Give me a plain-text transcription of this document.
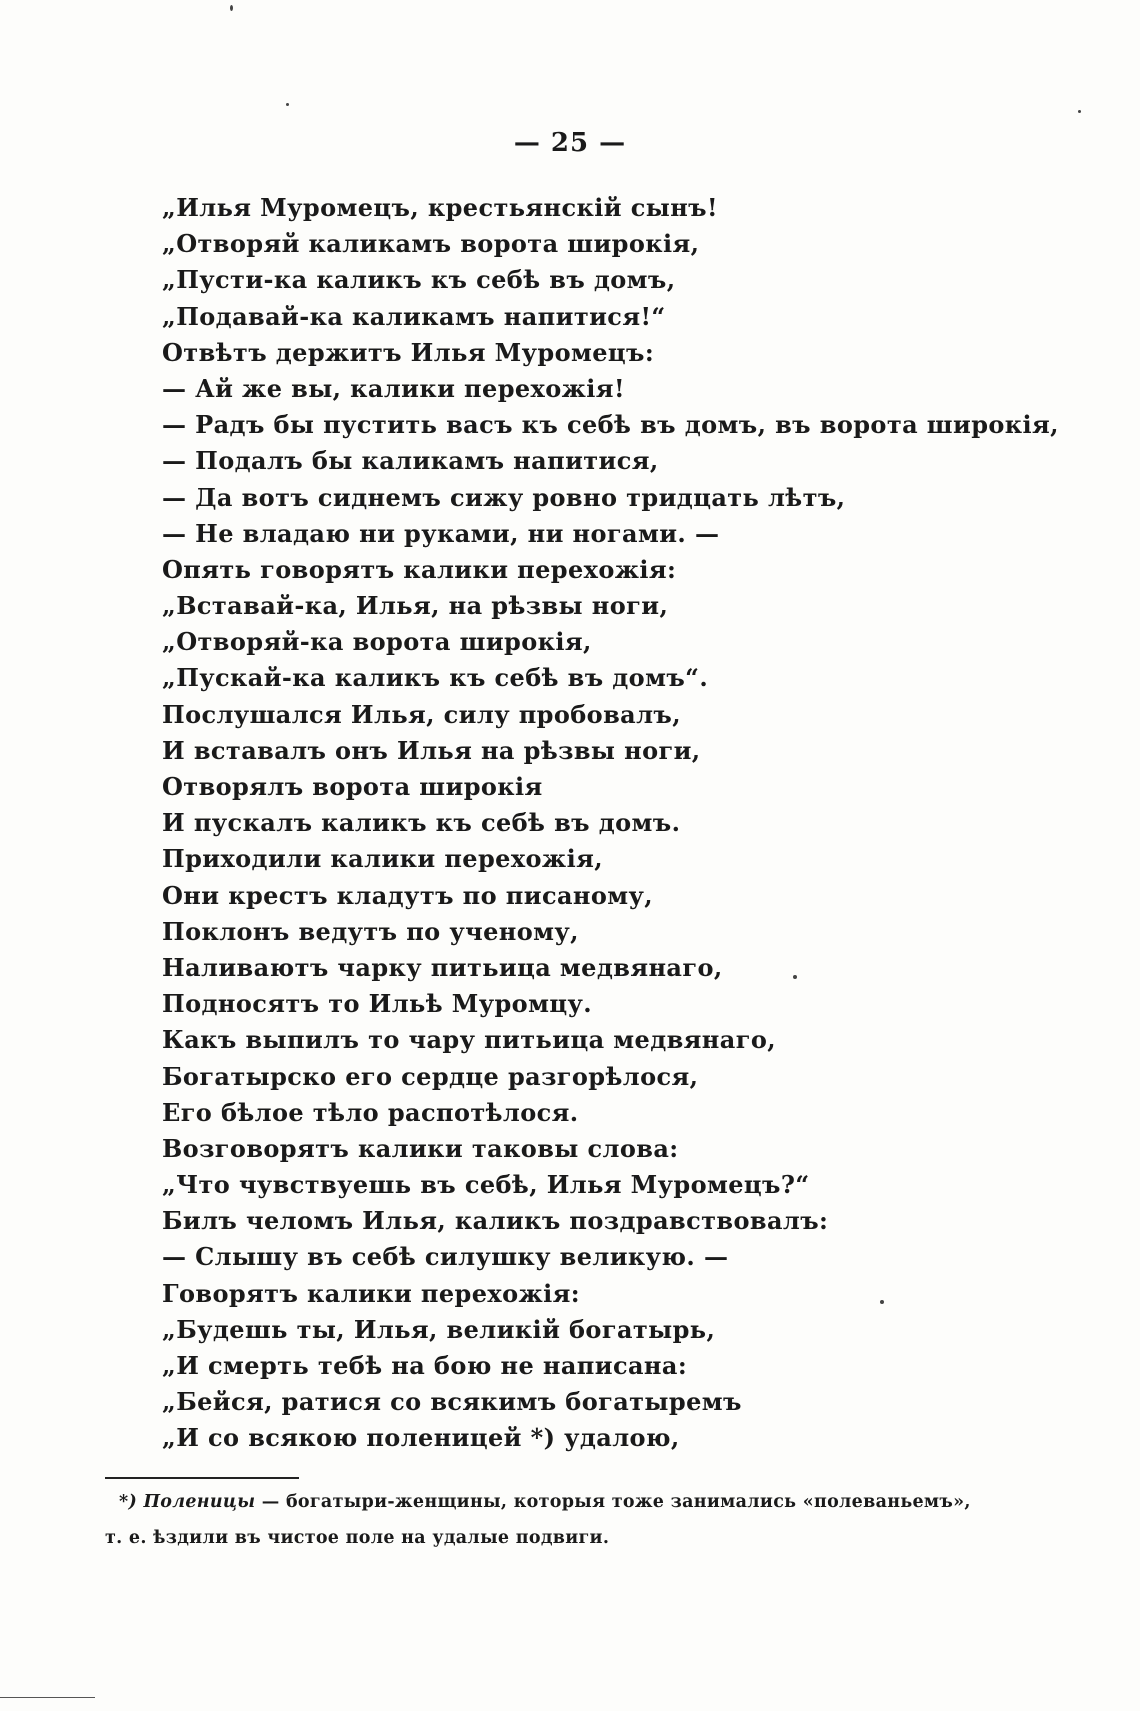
— 25 —
„Илья Муромецъ, крестьянскій сынъ!
„Отворяй каликамъ ворота широкія,
„Пусти-ка каликъ къ себѣ въ домъ,
„Подавай-ка каликамъ напитися!“
Отвѣтъ держитъ Илья Муромецъ:
— Ай же вы, калики перехожія!
— Радъ бы пустить васъ къ себѣ въ домъ, въ ворота широкія,
— Подалъ бы каликамъ напитися,
— Да вотъ сиднемъ сижу ровно тридцать лѣтъ,
— Не владаю ни руками, ни ногами. —
Опять говорятъ калики перехожія:
„Вставай-ка, Илья, на рѣзвы ноги,
„Отворяй-ка ворота широкія,
„Пускай-ка каликъ къ себѣ въ домъ“.
Послушался Илья, силу пробовалъ,
И вставалъ онъ Илья на рѣзвы ноги,
Отворялъ ворота широкія
И пускалъ каликъ къ себѣ въ домъ.
Приходили калики перехожія,
Они крестъ кладутъ по писаному,
Поклонъ ведутъ по ученому,
Наливаютъ чарку питьица медвянаго,
Подносятъ то Ильѣ Муромцу.
Какъ выпилъ то чару питьица медвянаго,
Богатырско его сердце разгорѣлося,
Его бѣлое тѣло распотѣлося.
Возговорятъ калики таковы слова:
„Что чувствуешь въ себѣ, Илья Муромецъ?“
Билъ челомъ Илья, каликъ поздравствовалъ:
— Слышу въ себѣ силушку великую. —
Говорятъ калики перехожія:
„Будешь ты, Илья, великій богатырь,
„И смерть тебѣ на бою не написана:
„Бейся, ратися со всякимъ богатыремъ
„И со всякою поленицей *) удалою,
*) Поленицы — богатыри-женщины, которыя тоже занимались «полеваньемъ»,
т. е. ѣздили въ чистое поле на удалые подвиги.
